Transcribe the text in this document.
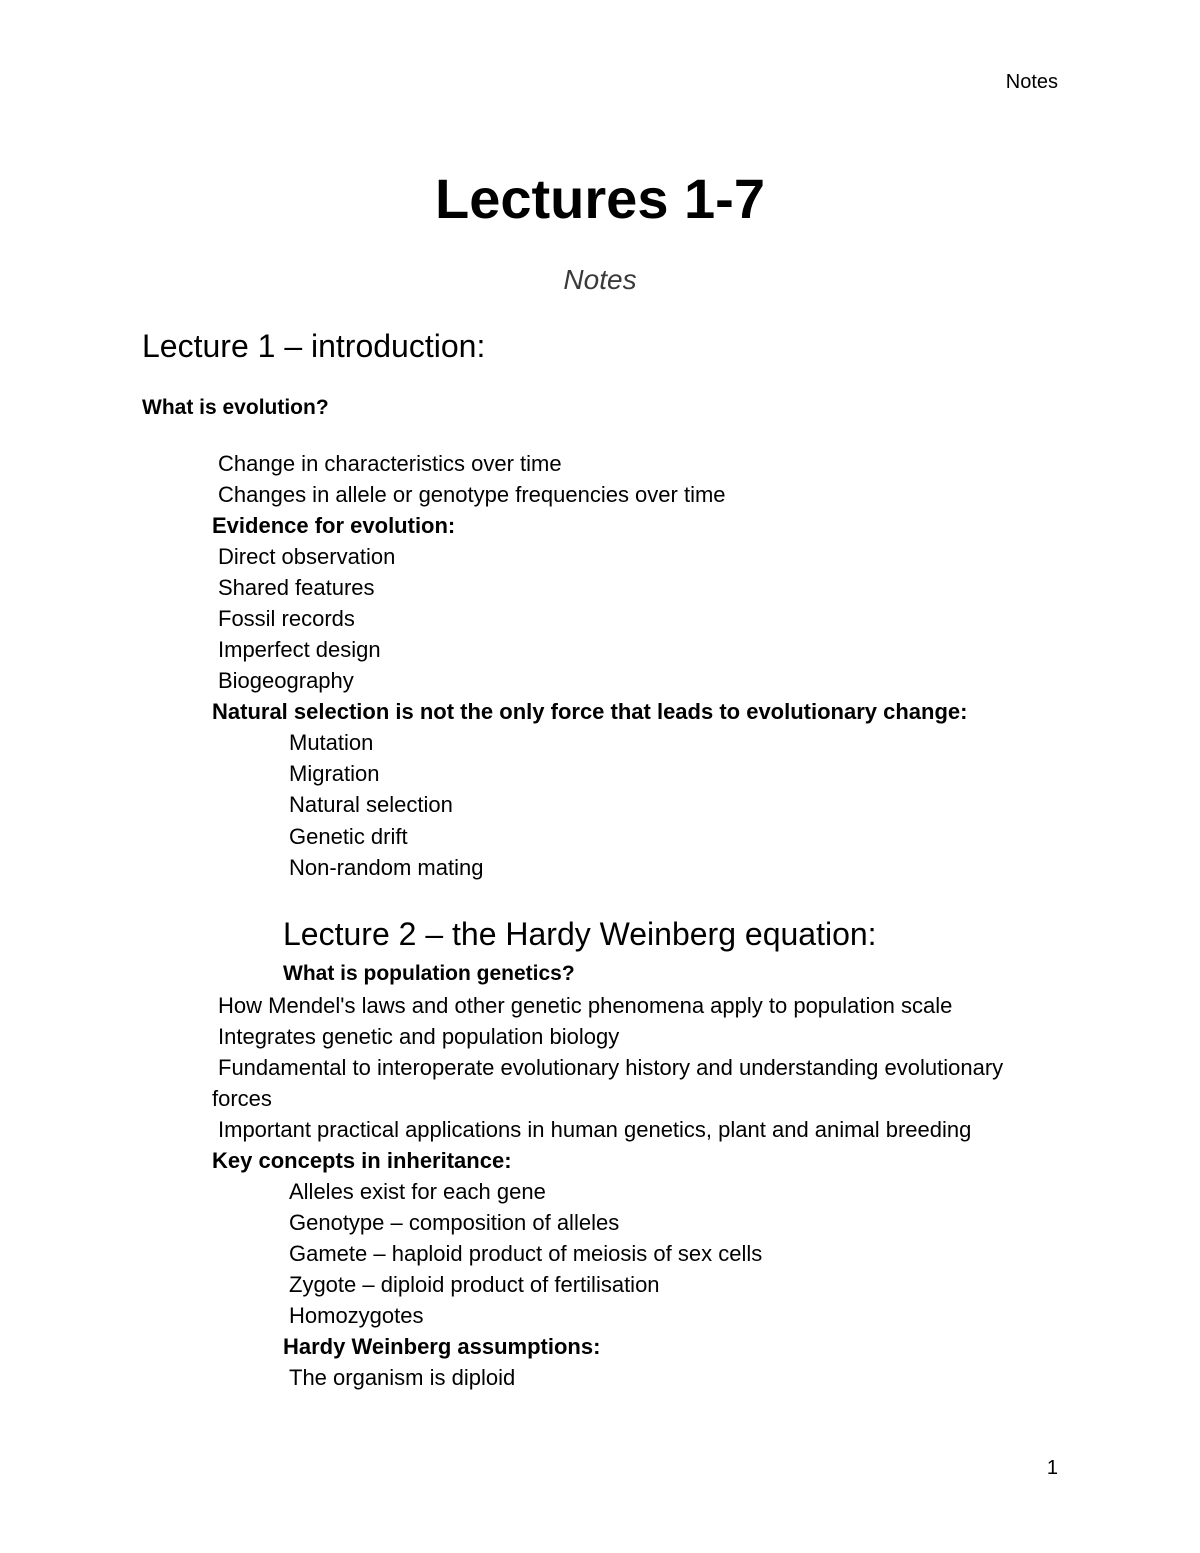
Notes
Lectures 1-7
Notes
Lecture 1 – introduction:
What is evolution?
Change in characteristics over time
Changes in allele or genotype frequencies over time
Evidence for evolution:
Direct observation
Shared features
Fossil records
Imperfect design
Biogeography
Natural selection is not the only force that leads to evolutionary change:
Mutation
Migration
Natural selection
Genetic drift
Non-random mating
Lecture 2 – the Hardy Weinberg equation:
What is population genetics?
How Mendel's laws and other genetic phenomena apply to population scale
Integrates genetic and population biology
Fundamental to interoperate evolutionary history and understanding evolutionary
forces
Important practical applications in human genetics, plant and animal breeding
Key concepts in inheritance:
Alleles exist for each gene
Genotype – composition of alleles
Gamete – haploid product of meiosis of sex cells
Zygote – diploid product of fertilisation
Homozygotes
Hardy Weinberg assumptions:
The organism is diploid
1
